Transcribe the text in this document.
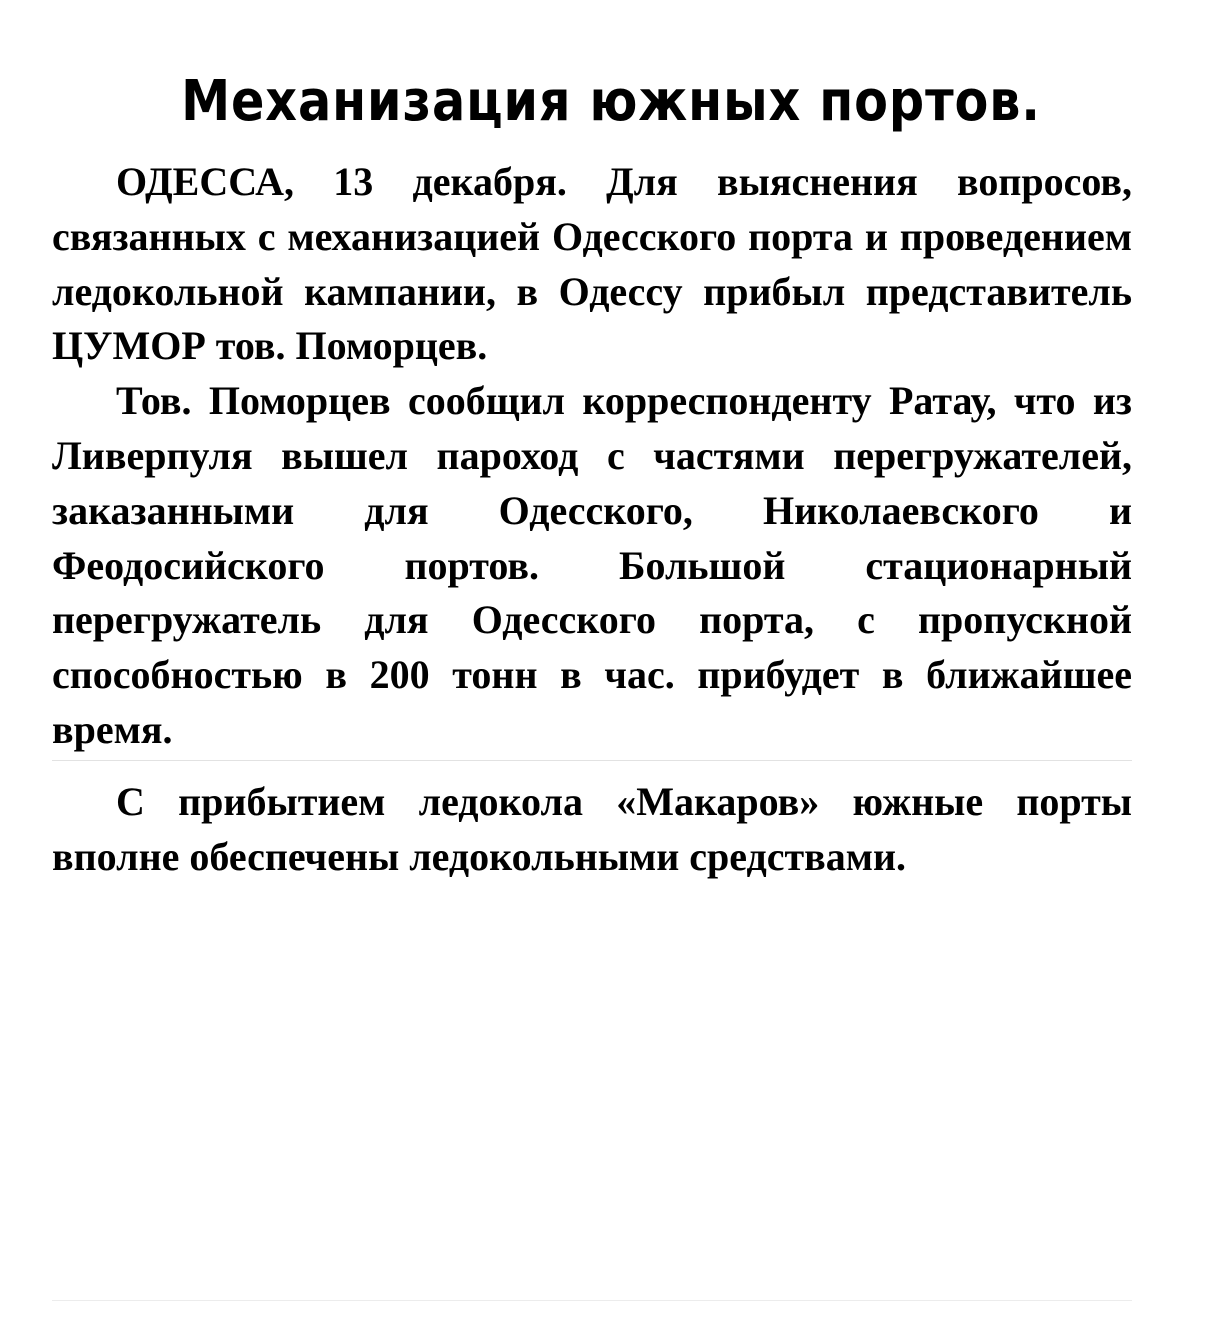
Механизация южных портов.

ОДЕССА, 13 декабря. Для выяснения вопросов, связанных с механизацией Одесского порта и проведением ледокольной кампании, в Одессу прибыл представитель ЦУМОР тов. Поморцев.

Тов. Поморцев сообщил корреспонденту Ратау, что из Ливерпуля вышел пароход с частями перегружателей, заказанными для Одесского, Николаевского и Феодосийского портов. Большой стационарный перегружатель для Одесского порта, с пропускной способностью в 200 тонн в час. прибудет в ближайшее время.

С прибытием ледокола «Макаров» южные порты вполне обеспечены ледокольными средствами.
